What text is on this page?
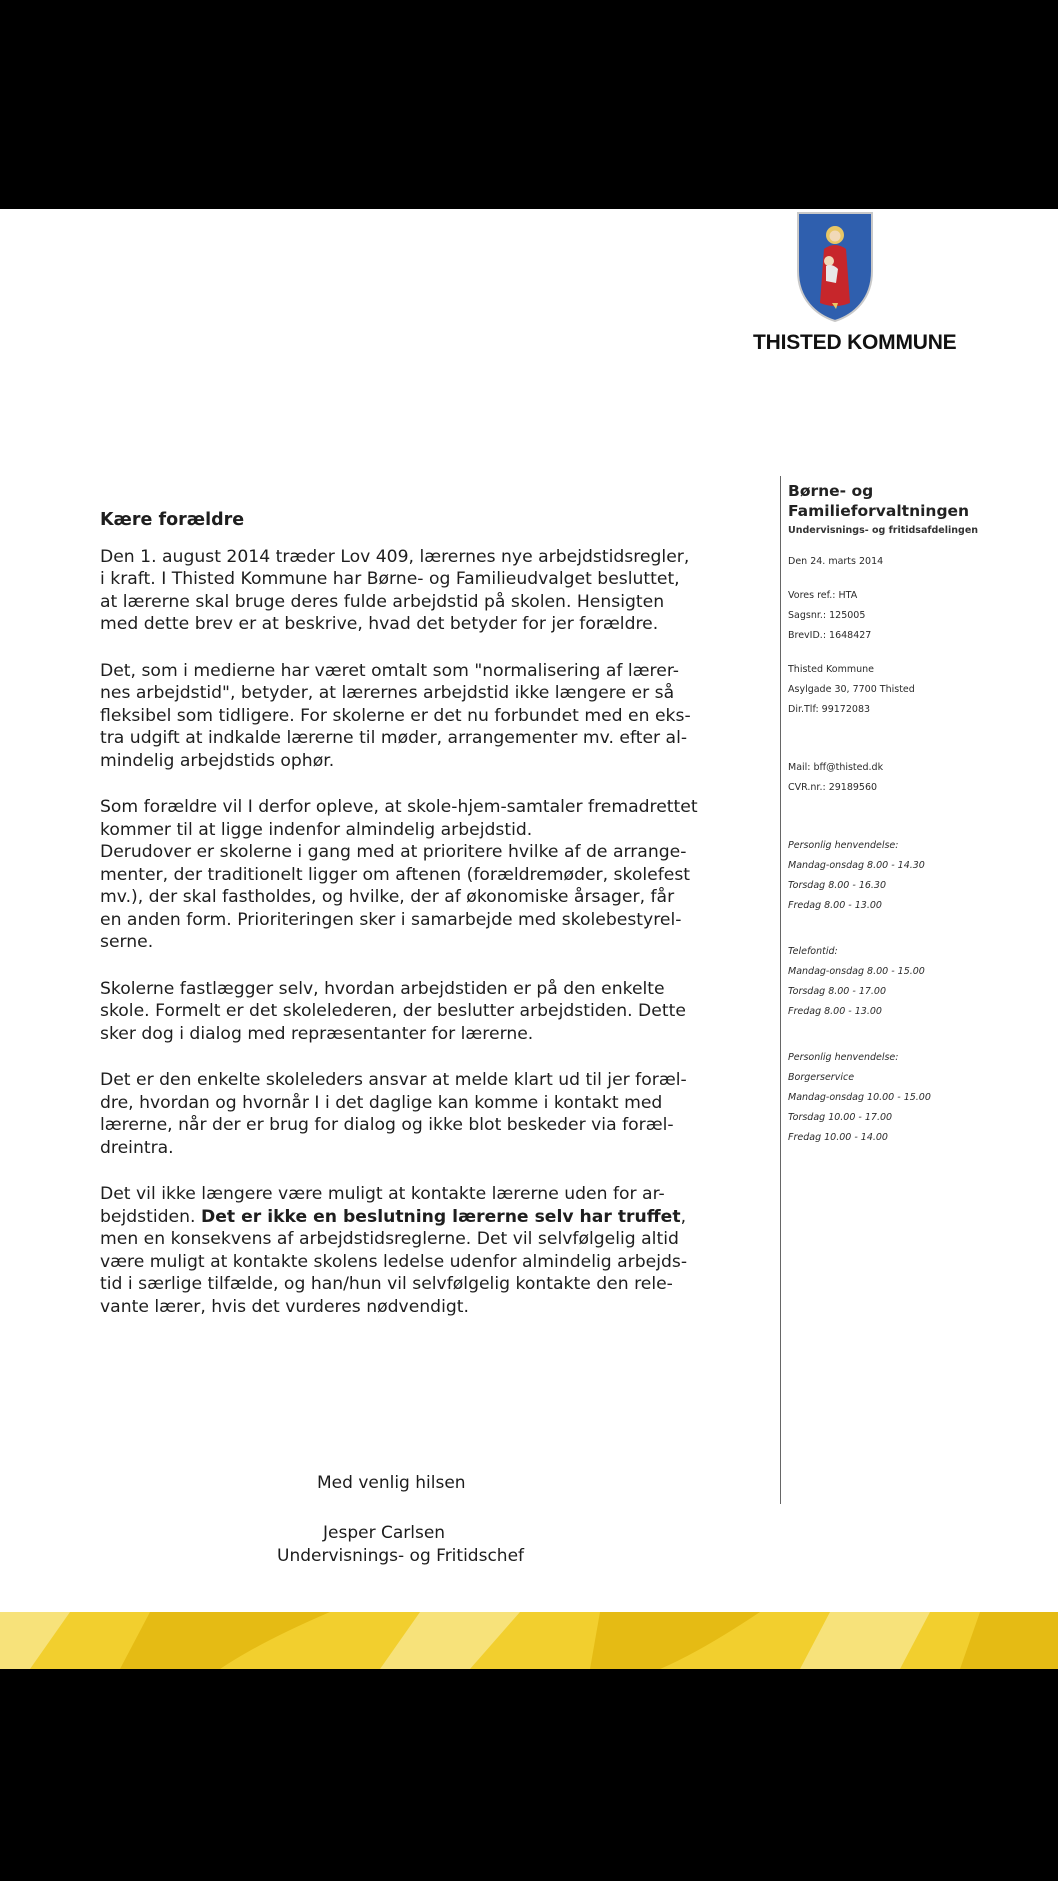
THISTED KOMMUNE

Kære forældre

Den 1. august 2014 træder Lov 409, lærernes nye arbejdstidsregler,
i kraft. I Thisted Kommune har Børne- og Familieudvalget besluttet,
at lærerne skal bruge deres fulde arbejdstid på skolen. Hensigten
med dette brev er at beskrive, hvad det betyder for jer forældre.
Det, som i medierne har været omtalt som "normalisering af lærer-
nes arbejdstid", betyder, at lærernes arbejdstid ikke længere er så
fleksibel som tidligere. For skolerne er det nu forbundet med en eks-
tra udgift at indkalde lærerne til møder, arrangementer mv. efter al-
mindelig arbejdstids ophør.
Som forældre vil I derfor opleve, at skole-hjem-samtaler fremadrettet
kommer til at ligge indenfor almindelig arbejdstid.
Derudover er skolerne i gang med at prioritere hvilke af de arrange-
menter, der traditionelt ligger om aftenen (forældremøder, skolefest
mv.), der skal fastholdes, og hvilke, der af økonomiske årsager, får
en anden form. Prioriteringen sker i samarbejde med skolebestyrel-
serne.
Skolerne fastlægger selv, hvordan arbejdstiden er på den enkelte
skole. Formelt er det skolelederen, der beslutter arbejdstiden. Dette
sker dog i dialog med repræsentanter for lærerne.
Det er den enkelte skoleleders ansvar at melde klart ud til jer foræl-
dre, hvordan og hvornår I i det daglige kan komme i kontakt med
lærerne, når der er brug for dialog og ikke blot beskeder via foræl-
dreintra.
Det vil ikke længere være muligt at kontakte lærerne uden for ar-
bejdstiden. Det er ikke en beslutning lærerne selv har truffet,
men en konsekvens af arbejdstidsreglerne. Det vil selvfølgelig altid
være muligt at kontakte skolens ledelse udenfor almindelig arbejds-
tid i særlige tilfælde, og han/hun vil selvfølgelig kontakte den rele-
vante lærer, hvis det vurderes nødvendigt.
Med venlig hilsen
Jesper Carlsen
Undervisnings- og Fritidschef

Børne- og
Familieforvaltningen

Undervisnings- og fritidsafdelingen

Den 24. marts 2014
Vores ref.: HTA
Sagsnr.: 125005
BrevID.: 1648427
Thisted Kommune
Asylgade 30, 7700 Thisted
Dir.Tlf: 99172083
Mail: bff@thisted.dk
CVR.nr.: 29189560
Personlig henvendelse:
Mandag-onsdag 8.00 - 14.30
Torsdag 8.00 - 16.30
Fredag 8.00 - 13.00
Telefontid:
Mandag-onsdag 8.00 - 15.00
Torsdag 8.00 - 17.00
Fredag 8.00 - 13.00
Personlig henvendelse:
Borgerservice
Mandag-onsdag 10.00 - 15.00
Torsdag 10.00 - 17.00
Fredag 10.00 - 14.00
